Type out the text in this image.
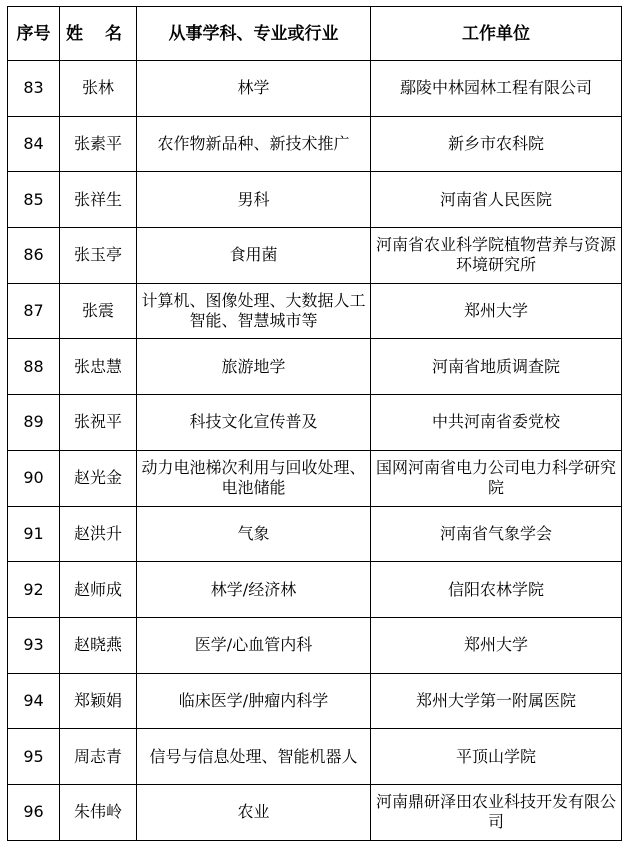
序号	姓 名	从事学科、专业或行业	工作单位
83	张林	林学	鄢陵中林园林工程有限公司
84	张素平	农作物新品种、新技术推广	新乡市农科院
85	张祥生	男科	河南省人民医院
86	张玉亭	食用菌	河南省农业科学院植物营养与资源环境研究所
87	张震	计算机、图像处理、大数据人工智能、智慧城市等	郑州大学
88	张忠慧	旅游地学	河南省地质调查院
89	张祝平	科技文化宣传普及	中共河南省委党校
90	赵光金	动力电池梯次利用与回收处理、电池储能	国网河南省电力公司电力科学研究院
91	赵洪升	气象	河南省气象学会
92	赵师成	林学/经济林	信阳农林学院
93	赵晓燕	医学/心血管内科	郑州大学
94	郑颖娟	临床医学/肿瘤内科学	郑州大学第一附属医院
95	周志青	信号与信息处理、智能机器人	平顶山学院
96	朱伟岭	农业	河南鼎研泽田农业科技开发有限公司
